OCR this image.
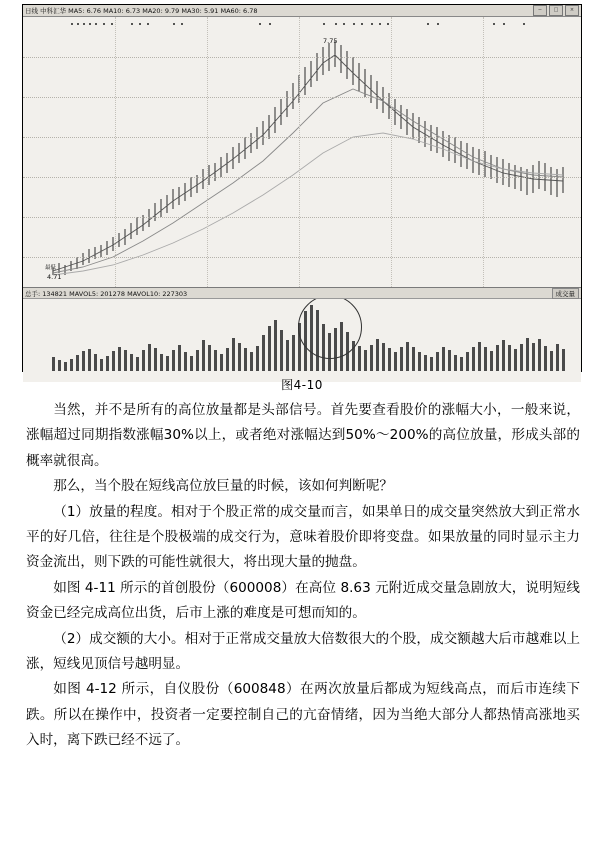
日线 中科汇华 MA5: 6.76 MA10: 6.73 MA20: 9.79 MA30: 5.91 MA60: 6.78	−	□	×
7.75
4.71
最低
总手: 134821 MAVOL5: 201278 MAVOL10: 227303	成交量
图4-10

当然，并不是所有的高位放量都是头部信号。首先要查看股价的涨幅大小，一般来说，涨幅超过同期指数涨幅30%以上，或者绝对涨幅达到50%～200%的高位放量，形成头部的概率就很高。

那么，当个股在短线高位放巨量的时候，该如何判断呢？

（1）放量的程度。相对于个股正常的成交量而言，如果单日的成交量突然放大到正常水平的好几倍，往往是个股极端的成交行为，意味着股价即将变盘。如果放量的同时显示主力资金流出，则下跌的可能性就很大，将出现大量的抛盘。

如图 4-11 所示的首创股份（600008）在高位 8.63 元附近成交量急剧放大，说明短线资金已经完成高位出货，后市上涨的难度是可想而知的。

（2）成交额的大小。相对于正常成交量放大倍数很大的个股，成交额越大后市越难以上涨，短线见顶信号越明显。

如图 4-12 所示，自仪股份（600848）在两次放量后都成为短线高点，而后市连续下跌。所以在操作中，投资者一定要控制自己的亢奋情绪，因为当绝大部分人都热情高涨地买入时，离下跌已经不远了。
